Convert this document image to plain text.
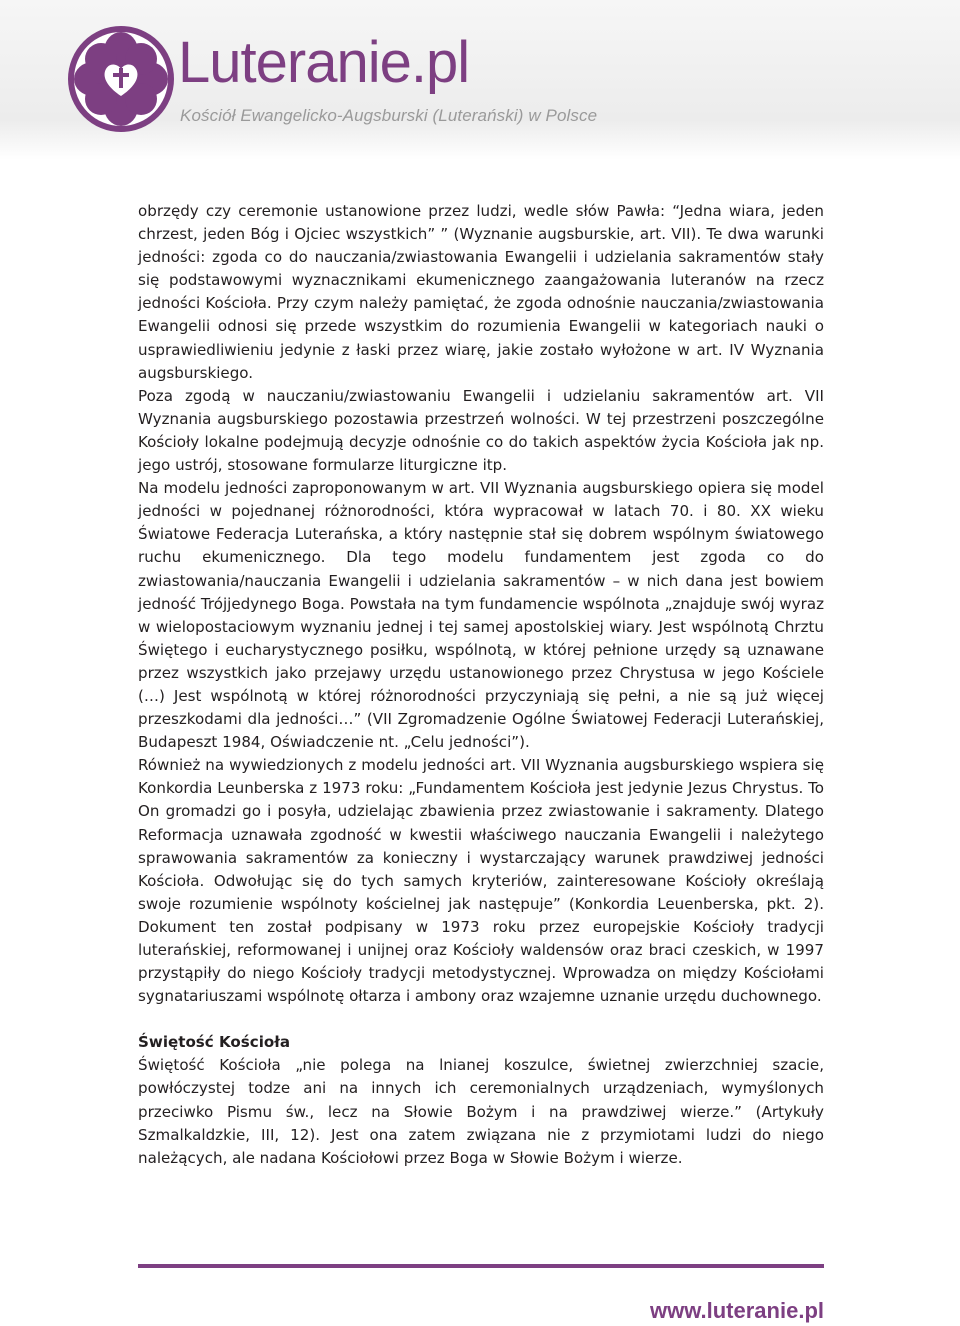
Luteranie.pl
Kościół Ewangelicko-Augsburski (Luterański) w Polsce

obrzędy czy ceremonie ustanowione przez ludzi, wedle słów Pawła: “Jedna wiara, jeden chrzest, jeden Bóg i Ojciec wszystkich” ” (Wyznanie augsburskie, art. VII). Te dwa warunki jedności: zgoda co do nauczania/zwiastowania Ewangelii i udzielania sakramentów stały się podstawowymi wyznacznikami ekumenicznego zaangażowania luteranów na rzecz jedności Kościoła. Przy czym należy pamiętać, że zgoda odnośnie nauczania/zwiastowania Ewangelii odnosi się przede wszystkim do rozumienia Ewangelii w kategoriach nauki o usprawiedliwieniu jedynie z łaski przez wiarę, jakie zostało wyłożone w art. IV Wyznania augsburskiego.

Poza zgodą w nauczaniu/zwiastowaniu Ewangelii i udzielaniu sakramentów art. VII Wyznania augsburskiego pozostawia przestrzeń wolności. W tej przestrzeni poszczególne Kościoły lokalne podejmują decyzje odnośnie co do takich aspektów życia Kościoła jak np. jego ustrój, stosowane formularze liturgiczne itp.

Na modelu jedności zaproponowanym w art. VII Wyznania augsburskiego opiera się model jedności w pojednanej różnorodności, która wypracował w latach 70. i 80. XX wieku Światowe Federacja Luterańska, a który następnie stał się dobrem wspólnym światowego ruchu ekumenicznego. Dla tego modelu fundamentem jest zgoda co do zwiastowania/nauczania Ewangelii i udzielania sakramentów – w nich dana jest bowiem jedność Trójjedynego Boga. Powstała na tym fundamencie wspólnota „znajduje swój wyraz w wielopostaciowym wyznaniu jednej i tej samej apostolskiej wiary. Jest wspólnotą Chrztu Świętego i eucharystycznego posiłku, wspólnotą, w której pełnione urzędy są uznawane przez wszystkich jako przejawy urzędu ustanowionego przez Chrystusa w jego Kościele (…) Jest wspólnotą w której różnorodności przyczyniają się pełni, a nie są już więcej przeszkodami dla jedności…” (VII Zgromadzenie Ogólne Światowej Federacji Luterańskiej, Budapeszt 1984, Oświadczenie nt. „Celu jedności”).

Również na wywiedzionych z modelu jedności art. VII Wyznania augsburskiego wspiera się Konkordia Leunberska z 1973 roku: „Fundamentem Kościoła jest jedynie Jezus Chrystus. To On gromadzi go i posyła, udzielając zbawienia przez zwiastowanie i sakramenty. Dlatego Reformacja uznawała zgodność w kwestii właściwego nauczania Ewangelii i należytego sprawowania sakramentów za konieczny i wystarczający warunek prawdziwej jedności Kościoła. Odwołując się do tych samych kryteriów, zainteresowane Kościoły określają swoje rozumienie wspólnoty kościelnej jak następuje” (Konkordia Leuenberska, pkt. 2). Dokument ten został podpisany w 1973 roku przez europejskie Kościoły tradycji luterańskiej, reformowanej i unijnej oraz Kościoły waldensów oraz braci czeskich, w 1997 przystąpiły do niego Kościoły tradycji metodystycznej. Wprowadza on między Kościołami sygnatariuszami wspólnotę ołtarza i ambony oraz wzajemne uznanie urzędu duchownego.

Świętość Kościoła

Świętość Kościoła „nie polega na lnianej koszulce, świetnej zwierzchniej szacie, powłóczystej todze ani na innych ich ceremonialnych urządzeniach, wymyślonych przeciwko Pismu św., lecz na Słowie Bożym i na prawdziwej wierze.” (Artykuły Szmalkaldzkie, III, 12). Jest ona zatem związana nie z przymiotami ludzi do niego należących, ale nadana Kościołowi przez Boga w Słowie Bożym i wierze.

www.luteranie.pl
